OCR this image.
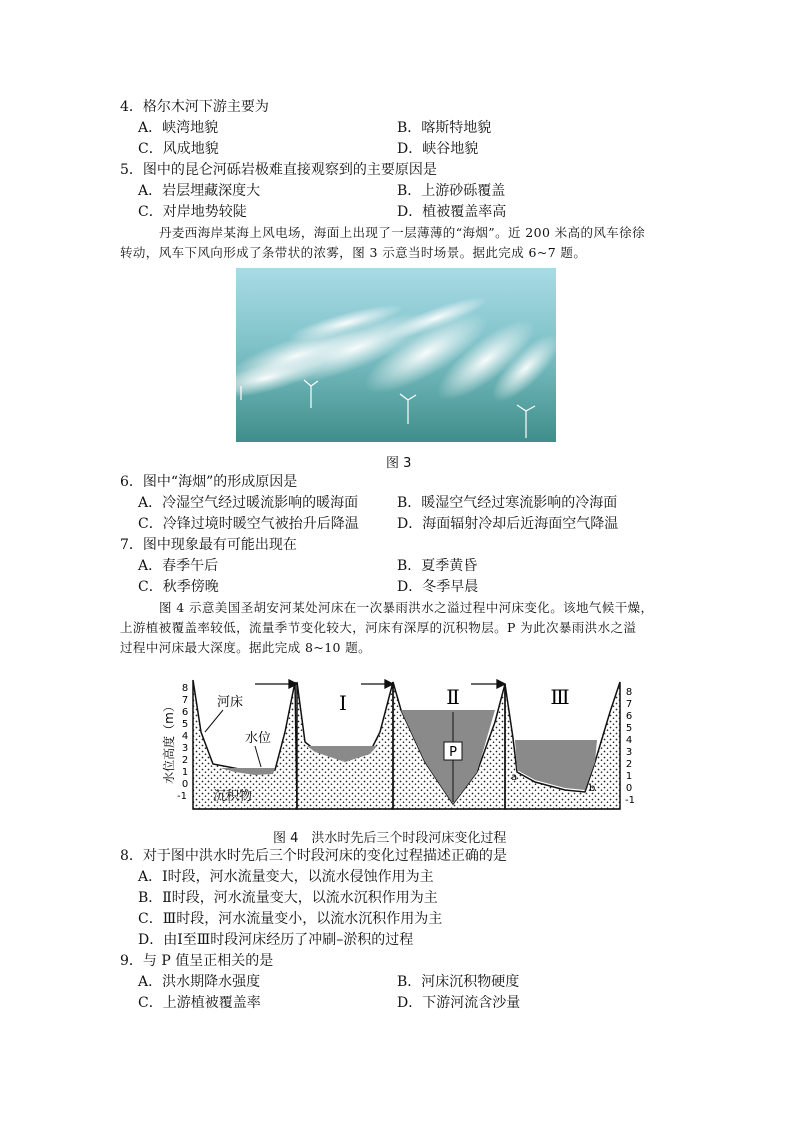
4．格尔木河下游主要为
A．峡湾地貌	B．喀斯特地貌
C．风成地貌	D．峡谷地貌
5．图中的昆仑河砾岩极难直接观察到的主要原因是
A．岩层埋藏深度大	B．上游砂砾覆盖
C．对岸地势较陡	D．植被覆盖率高
丹麦西海岸某海上风电场，海面上出现了一层薄薄的“海烟”。近 200 米高的风车徐徐
转动，风车下风向形成了条带状的浓雾，图 3 示意当时场景。据此完成 6~7 题。
图 3
6．图中“海烟”的形成原因是
A．冷湿空气经过暖流影响的暖海面	B．暖湿空气经过寒流影响的冷海面
C．冷锋过境时暖空气被抬升后降温	D．海面辐射冷却后近海面空气降温
7．图中现象最有可能出现在
A．春季午后	B．夏季黄昏
C．秋季傍晚	D．冬季早晨
图 4 示意美国圣胡安河某处河床在一次暴雨洪水之溢过程中河床变化。该地气候干燥，
上游植被覆盖率较低，流量季节变化较大，河床有深厚的沉积物层。P 为此次暴雨洪水之溢
过程中河床最大深度。据此完成 8~10 题。
水位高度（m）
8
7
6
5
4
3
2
1
0
-1
8
7
6
5
4
3
2
1
0
-1
P
a
b
Ⅰ	Ⅱ	Ⅲ
河床
水位
沉积物
图 4　洪水时先后三个时段河床变化过程
8．对于图中洪水时先后三个时段河床的变化过程描述正确的是
A．Ⅰ时段，河水流量变大，以流水侵蚀作用为主
B．Ⅱ时段，河水流量变大，以流水沉积作用为主
C．Ⅲ时段，河水流量变小，以流水沉积作用为主
D．由Ⅰ至Ⅲ时段河床经历了冲刷–淤积的过程
9．与 P 值呈正相关的是
A．洪水期降水强度	B．河床沉积物硬度
C．上游植被覆盖率	D．下游河流含沙量
